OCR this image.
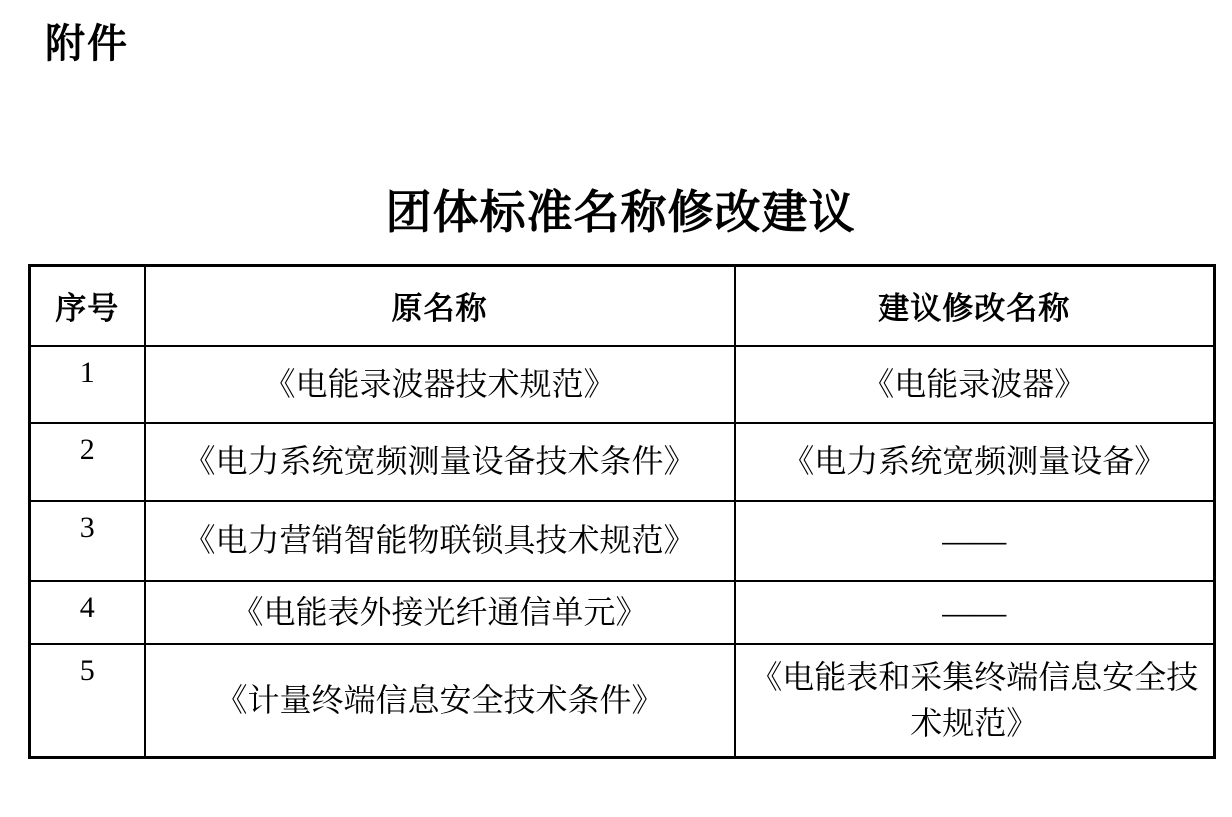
附件
团体标准名称修改建议
序号	原名称	建议修改名称
1	《电能录波器技术规范》	《电能录波器》
2	《电力系统宽频测量设备技术条件》	《电力系统宽频测量设备》
3	《电力营销智能物联锁具技术规范》	——
4	《电能表外接光纤通信单元》	——
5	《计量终端信息安全技术条件》	《电能表和采集终端信息安全技术规范》
